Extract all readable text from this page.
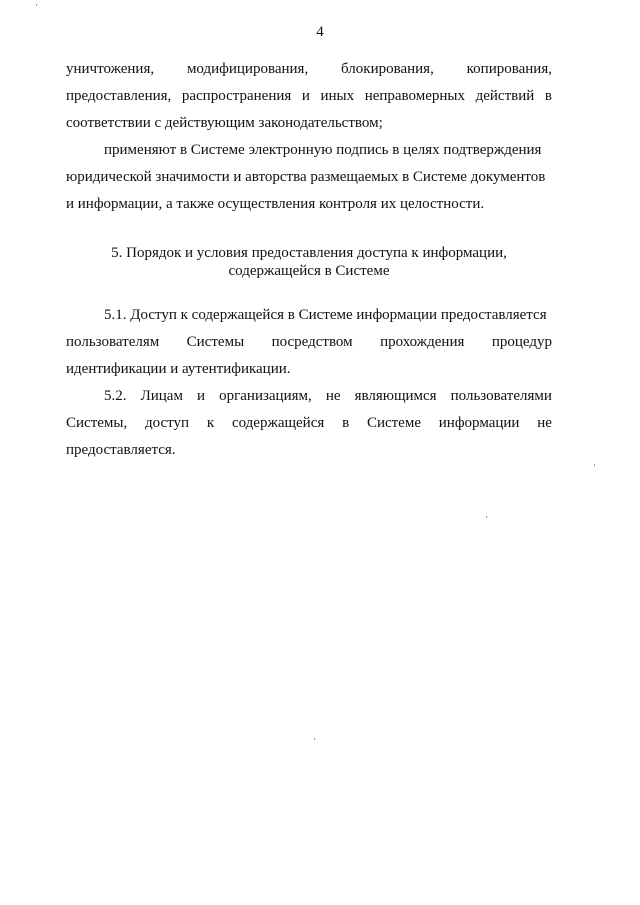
4
уничтожения, модифицирования, блокирования, копирования,
предоставления, распространения и иных неправомерных действий в
соответствии с действующим законодательством;
применяют в Системе электронную подпись в целях подтверждения
юридической значимости и авторства размещаемых в Системе документов
и информации, а также осуществления контроля их целостности.
5. Порядок и условия предоставления доступа к информации,
содержащейся в Системе
5.1. Доступ к содержащейся в Системе информации предоставляется
пользователям Системы посредством прохождения процедур
идентификации и аутентификации.
5.2. Лицам и организациям, не являющимся пользователями
Системы, доступ к содержащейся в Системе информации не
предоставляется.
